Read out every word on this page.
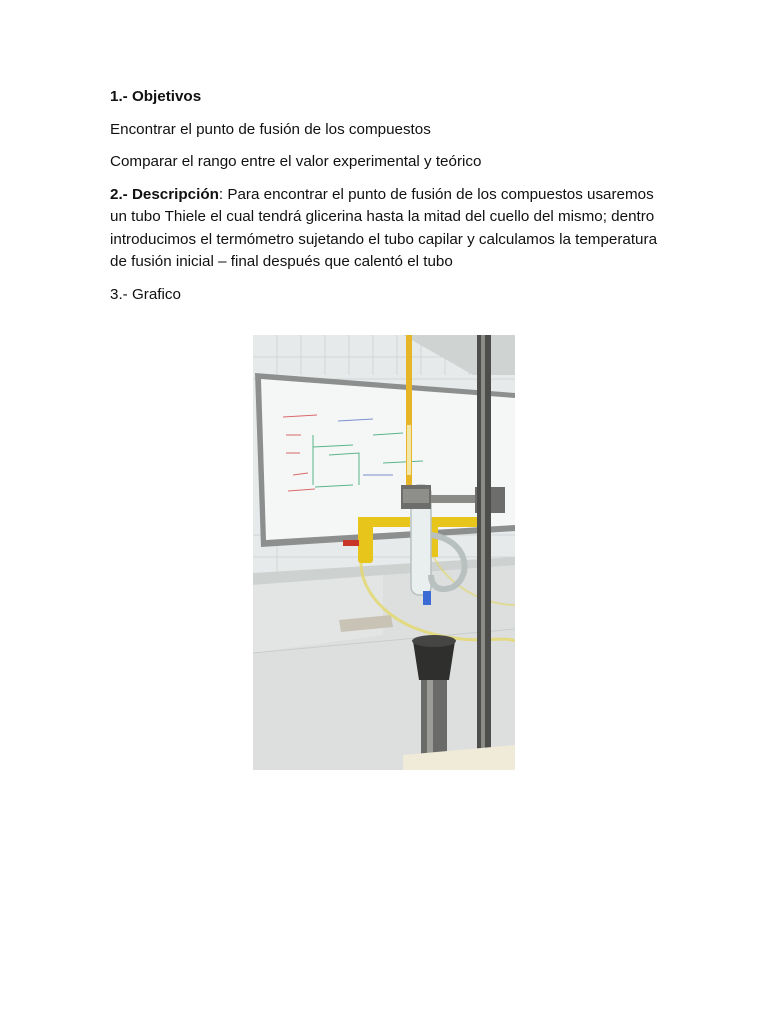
1.- Objetivos

Encontrar el punto de fusión de los compuestos

Comparar el rango entre el valor experimental y teórico

2.- Descripción: Para encontrar el punto de fusión de los compuestos usaremos un tubo Thiele el cual tendrá glicerina hasta la mitad del cuello del mismo; dentro introducimos el termómetro sujetando el tubo capilar y calculamos la temperatura de fusión inicial – final después que calentó el tubo

3.- Grafico
